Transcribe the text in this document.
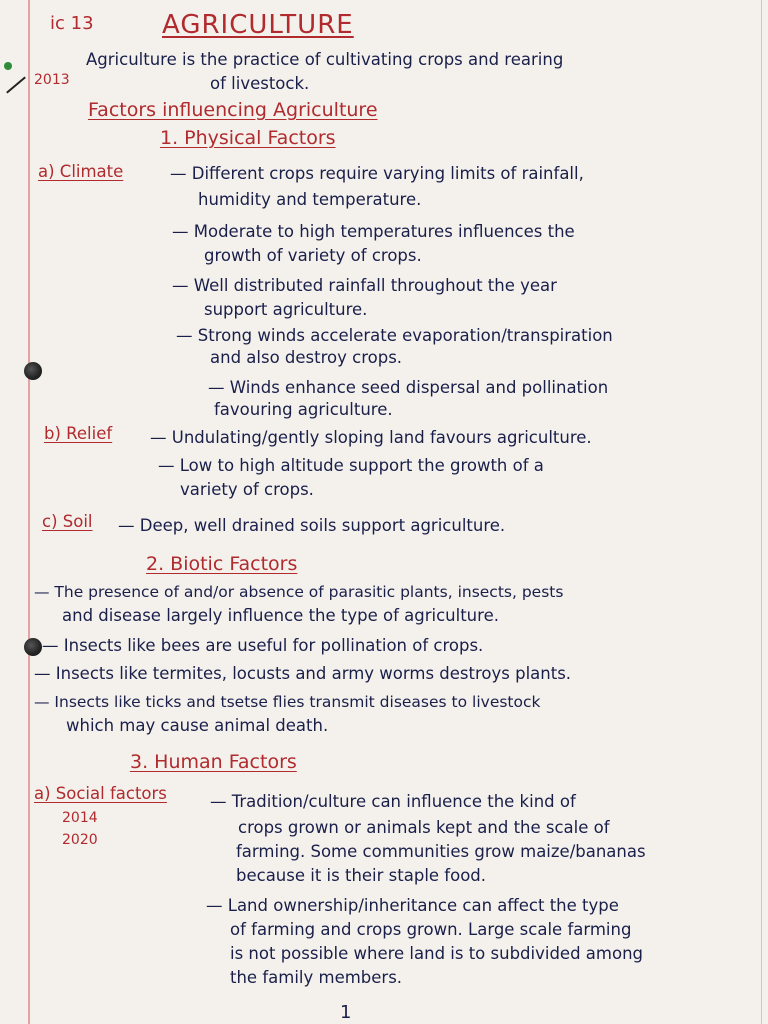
ic 13	AGRICULTURE
2013
Agriculture is the practice of cultivating crops and rearing
of livestock.
Factors influencing Agriculture
1. Physical Factors
a) Climate	— Different crops require varying limits of rainfall,
humidity and temperature.
— Moderate to high temperatures influences the
growth of variety of crops.
— Well distributed rainfall throughout the year
support agriculture.
— Strong winds accelerate evaporation/transpiration
and also destroy crops.
— Winds enhance seed dispersal and pollination
favouring agriculture.
b) Relief — Undulating/gently sloping land favours agriculture.
— Low to high altitude support the growth of a
variety of crops.
c) Soil — Deep, well drained soils support agriculture.
2. Biotic Factors
— The presence of and/or absence of parasitic plants, insects, pests
and disease largely influence the type of agriculture.
— Insects like bees are useful for pollination of crops.
— Insects like termites, locusts and army worms destroys plants.
— Insects like ticks and tsetse flies transmit diseases to livestock
which may cause animal death.
3. Human Factors
a) Social factors
2014
2020
— Tradition/culture can influence the kind of
crops grown or animals kept and the scale of
farming. Some communities grow maize/bananas
because it is their staple food.
— Land ownership/inheritance can affect the type
of farming and crops grown. Large scale farming
is not possible where land is to subdivided among
the family members.
1
